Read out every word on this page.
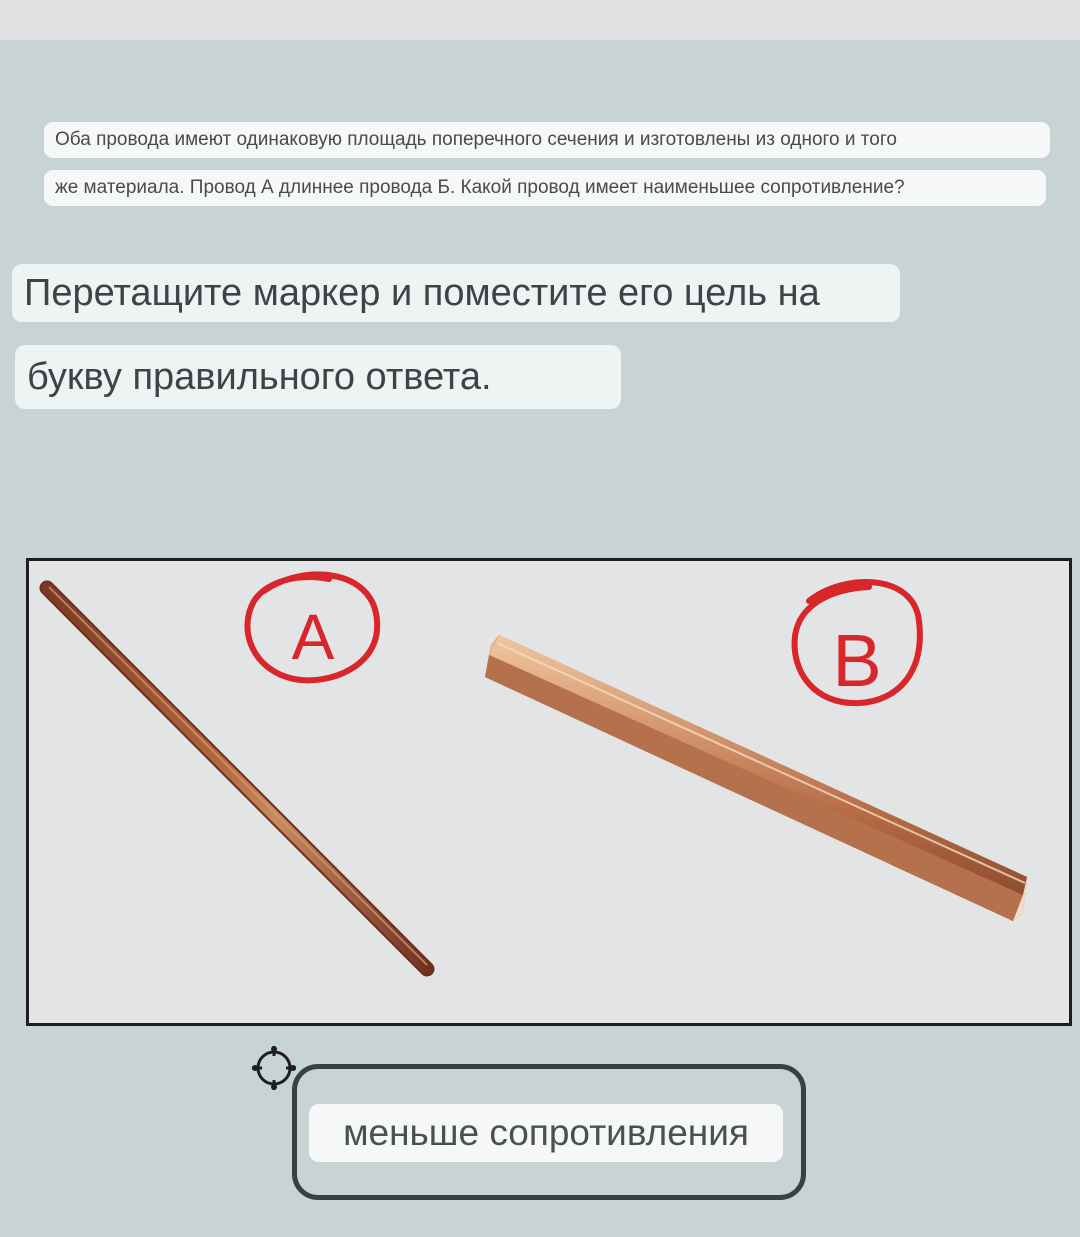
Оба провода имеют одинаковую площадь поперечного сечения и изготовлены из одного и того
же материала. Провод А длиннее провода Б. Какой провод имеет наименьшее сопротивление?
Перетащите маркер и поместите его цель на
букву правильного ответа.
A	B
меньше сопротивления
